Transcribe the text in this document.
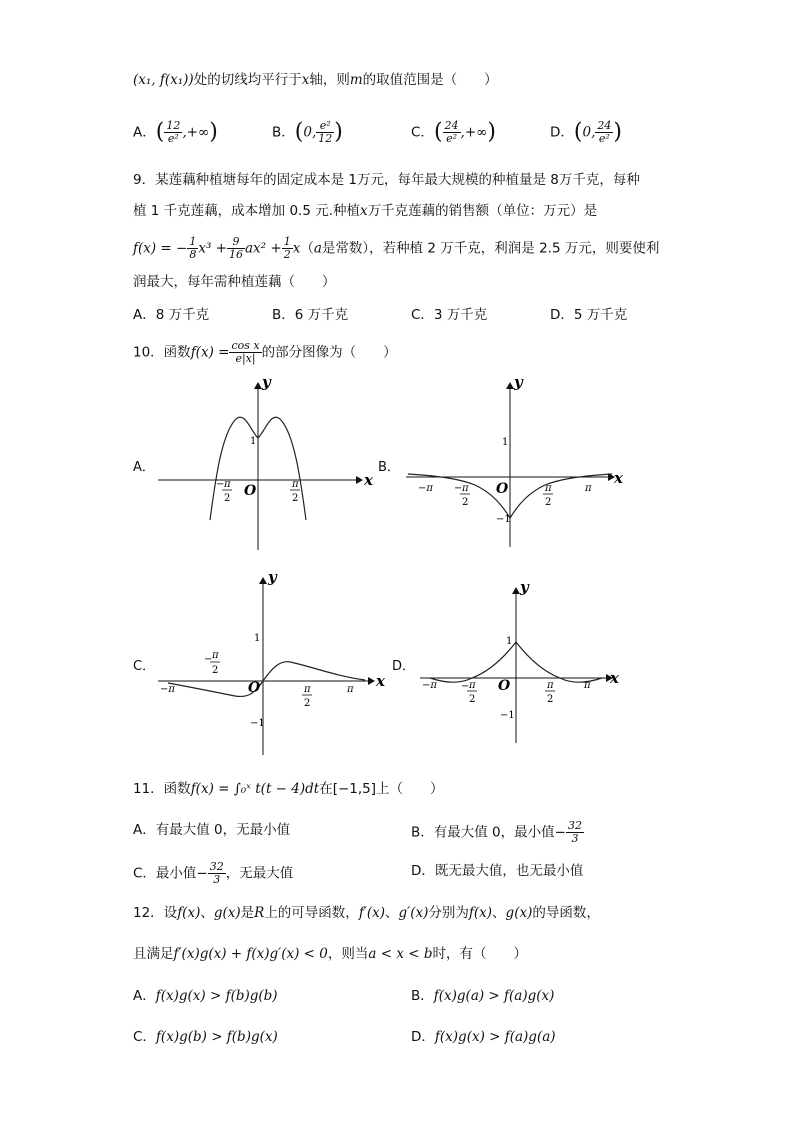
(x₁, f(x₁))处的切线均平行于x轴，则m的取值范围是（　　）
A．( $\frac{12}{\text{e²}}$ ,+∞)	B．(0, $\frac{\text{e²}}{12}$ )	C．( $\frac{24}{\text{e²}}$ ,+∞)	D．(0, $\frac{24}{\text{e²}}$ )
9．某莲藕种植塘每年的固定成本是 1万元，每年最大规模的种植量是 8万千克，每种
植 1 千克莲藕，成本增加 0.5 元.种植x万千克莲藕的销售额（单位：万元）是
f(x) = − $\frac{1}{8} x^3 + \frac{9}{16} ax^2 + \frac{1}{2} x(a$是常数），若种植 2 万千克，利润是 2.5 万元，则要使利
润最大，每年需种植莲藕（　　）
A．8 万千克	B．6 万千克	C．3 万千克	D．5 万千克
10．函数$f(x) = \frac{\text{cos x}}{e|x|}$ 的部分图像为（　　）
A．	B．
C．	D．
x
y
O
1
− π
2
π
2
x
y
O
1
−1
−π	π
− π
2
π
2
x
y
O
1
−1
−π	π
− π
2
π
2
x
y
O
1
−1
−π	π
− π
2
π
2
11．函数f(x) = ∫₀ˣ t(t − 4)dt在[−1,5]上（　　）
A．有最大值 0，无最小值	B．有最大值 0，最小值− $\frac{32}{3}$
C．最小值− $\frac{32}{3}$ ，无最大值	D．既无最大值，也无最小值
12．设f(x)、g(x)是R上的可导函数，f′(x)、g′(x)分别为f(x)、g(x)的导函数，
且满足f′(x)g(x) + f(x)g′(x) < 0，则当a < x < b时，有（　　）
A．f(x)g(x) > f(b)g(b)	B．f(x)g(a) > f(a)g(x)
C．f(x)g(b) > f(b)g(x)	D．f(x)g(x) > f(a)g(a)
